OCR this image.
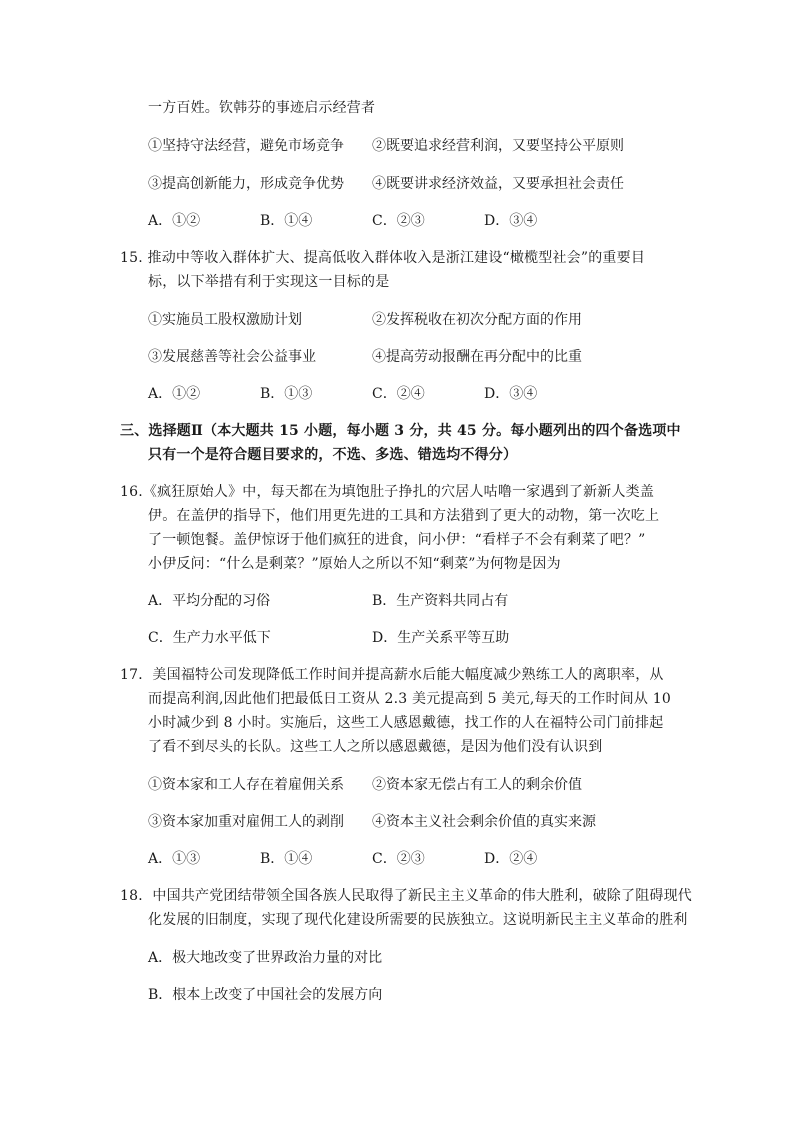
一方百姓。钦韩芬的事迹启示经营者
①坚持守法经营，避免市场竞争 ②既要追求经营利润，又要坚持公平原则
③提高创新能力，形成竞争优势 ④既要讲求经济效益，又要承担社会责任
A．①②	B．①④	C．②③	D．③④
15. 推动中等收入群体扩大、提高低收入群体收入是浙江建设“橄榄型社会”的重要目
标，以下举措有利于实现这一目标的是
①实施员工股权激励计划	②发挥税收在初次分配方面的作用
③发展慈善等社会公益事业	④提高劳动报酬在再分配中的比重
A．①②	B．①③	C．②④	D．③④
三、选择题Ⅱ（本大题共 15 小题，每小题 3 分，共 45 分。每小题列出的四个备选项中
只有一个是符合题目要求的，不选、多选、错选均不得分）
16.《疯狂原始人》中，每天都在为填饱肚子挣扎的穴居人咕噜一家遇到了新新人类盖
伊。在盖伊的指导下，他们用更先进的工具和方法猎到了更大的动物，第一次吃上
了一顿饱餐。盖伊惊讶于他们疯狂的进食，问小伊：“看样子不会有剩菜了吧？”
小伊反问：“什么是剩菜？”原始人之所以不知“剩菜”为何物是因为
A．平均分配的习俗	B．生产资料共同占有
C．生产力水平低下	D．生产关系平等互助
17．美国福特公司发现降低工作时间并提高薪水后能大幅度减少熟练工人的离职率，从
而提高利润,因此他们把最低日工资从 2.3 美元提高到 5 美元,每天的工作时间从 10
小时减少到 8 小时。实施后，这些工人感恩戴德，找工作的人在福特公司门前排起
了看不到尽头的长队。这些工人之所以感恩戴德，是因为他们没有认识到
①资本家和工人存在着雇佣关系 ②资本家无偿占有工人的剩余价值
③资本家加重对雇佣工人的剥削 ④资本主义社会剩余价值的真实来源
A．①③	B．①④	C．②③	D．②④
18．中国共产党团结带领全国各族人民取得了新民主主义革命的伟大胜利，破除了阻碍现代
化发展的旧制度，实现了现代化建设所需要的民族独立。这说明新民主主义革命的胜利
A．极大地改变了世界政治力量的对比
B．根本上改变了中国社会的发展方向
